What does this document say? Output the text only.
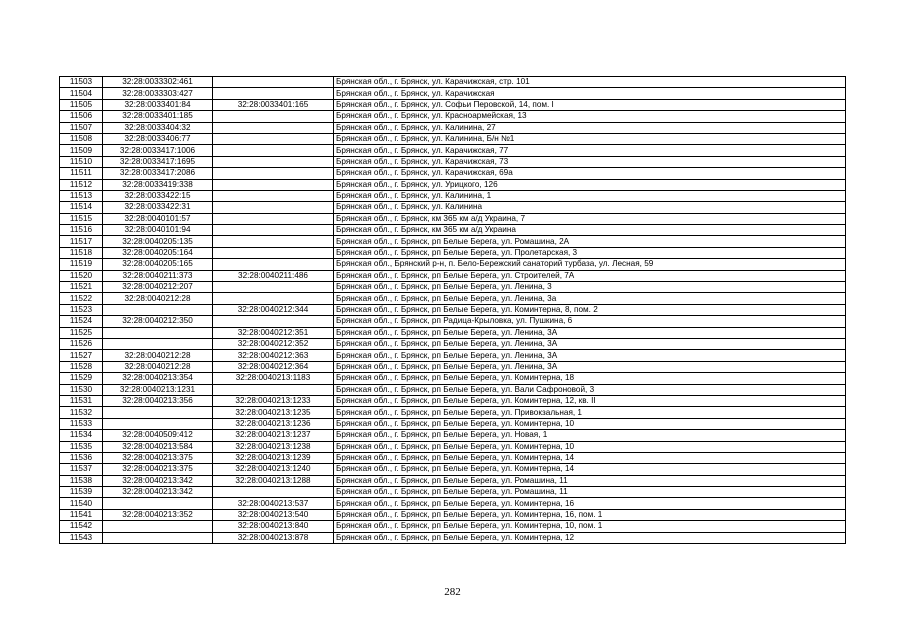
11503	32:28:0033302:461		Брянская обл., г. Брянск, ул. Карачижская, стр. 101
11504	32:28:0033303:427		Брянская обл., г. Брянск, ул. Карачижская
11505	32:28:0033401:84	32:28:0033401:165	Брянская обл., г. Брянск, ул. Софьи Перовской, 14, пом. I
11506	32:28:0033401:185		Брянская обл., г. Брянск, ул. Красноармейская, 13
11507	32:28:0033404:32		Брянская обл., г. Брянск, ул. Калинина, 27
11508	32:28:0033406:77		Брянская обл., г. Брянск, ул. Калинина, Б/н №1
11509	32:28:0033417:1006		Брянская обл., г. Брянск, ул. Карачижская, 77
11510	32:28:0033417:1695		Брянская обл., г. Брянск, ул. Карачижская, 73
11511	32:28:0033417:2086		Брянская обл., г. Брянск, ул. Карачижская, 69а
11512	32:28:0033419:338		Брянская обл., г. Брянск, ул. Урицкого, 126
11513	32:28:0033422:15		Брянская обл., г. Брянск, ул. Калинина, 1
11514	32:28:0033422:31		Брянская обл., г. Брянск, ул. Калинина
11515	32:28:0040101:57		Брянская обл., г. Брянск, км 365 км а/д Украина, 7
11516	32:28:0040101:94		Брянская обл., г. Брянск, км 365 км а/д Украина
11517	32:28:0040205:135		Брянская обл., г. Брянск, рп Белые Берега, ул. Ромашина, 2А
11518	32:28:0040205:164		Брянская обл., г. Брянск, рп Белые Берега, ул. Пролетарская, 3
11519	32:28:0040205:165		Брянская обл., Брянский р-н, п. Бело-Бережский санаторий турбаза, ул. Лесная, 59
11520	32:28:0040211:373	32:28:0040211:486	Брянская обл., г. Брянск, рп Белые Берега, ул. Строителей, 7А
11521	32:28:0040212:207		Брянская обл., г. Брянск, рп Белые Берега, ул. Ленина, 3
11522	32:28:0040212:28		Брянская обл., г. Брянск, рп Белые Берега, ул. Ленина, 3а
11523		32:28:0040212:344	Брянская обл., г. Брянск, рп Белые Берега, ул. Коминтерна, 8, пом. 2
11524	32:28:0040212:350		Брянская обл., г. Брянск, рп Радица-Крыловка, ул. Пушкина, 6
11525		32:28:0040212:351	Брянская обл., г. Брянск, рп Белые Берега, ул. Ленина, 3А
11526		32:28:0040212:352	Брянская обл., г. Брянск, рп Белые Берега, ул. Ленина, 3А
11527	32:28:0040212:28	32:28:0040212:363	Брянская обл., г. Брянск, рп Белые Берега, ул. Ленина, 3А
11528	32:28:0040212:28	32:28:0040212:364	Брянская обл., г. Брянск, рп Белые Берега, ул. Ленина, 3А
11529	32:28:0040213:354	32:28:0040213:1183	Брянская обл., г. Брянск, рп Белые Берега, ул. Коминтерна, 18
11530	32:28:0040213:1231		Брянская обл., г. Брянск, рп Белые Берега, ул. Вали Сафроновой, 3
11531	32:28:0040213:356	32:28:0040213:1233	Брянская обл., г. Брянск, рп Белые Берега, ул. Коминтерна, 12, кв. II
11532		32:28:0040213:1235	Брянская обл., г. Брянск, рп Белые Берега, ул. Привокзальная, 1
11533		32:28:0040213:1236	Брянская обл., г. Брянск, рп Белые Берега, ул. Коминтерна, 10
11534	32:28:0040509:412	32:28:0040213:1237	Брянская обл., г. Брянск, рп Белые Берега, ул. Новая, 1
11535	32:28:0040213:584	32:28:0040213:1238	Брянская обл., г. Брянск, рп Белые Берега, ул. Коминтерна, 10
11536	32:28:0040213:375	32:28:0040213:1239	Брянская обл., г. Брянск, рп Белые Берега, ул. Коминтерна, 14
11537	32:28:0040213:375	32:28:0040213:1240	Брянская обл., г. Брянск, рп Белые Берега, ул. Коминтерна, 14
11538	32:28:0040213:342	32:28:0040213:1288	Брянская обл., г. Брянск, рп Белые Берега, ул. Ромашина, 11
11539	32:28:0040213:342		Брянская обл., г. Брянск, рп Белые Берега, ул. Ромашина, 11
11540		32:28:0040213:537	Брянская обл., г. Брянск, рп Белые Берега, ул. Коминтерна, 16
11541	32:28:0040213:352	32:28:0040213:540	Брянская обл., г. Брянск, рп Белые Берега, ул. Коминтерна, 16, пом. 1
11542		32:28:0040213:840	Брянская обл., г. Брянск, рп Белые Берега, ул. Коминтерна, 10, пом. 1
11543		32:28:0040213:878	Брянская обл., г. Брянск, рп Белые Берега, ул. Коминтерна, 12
282
